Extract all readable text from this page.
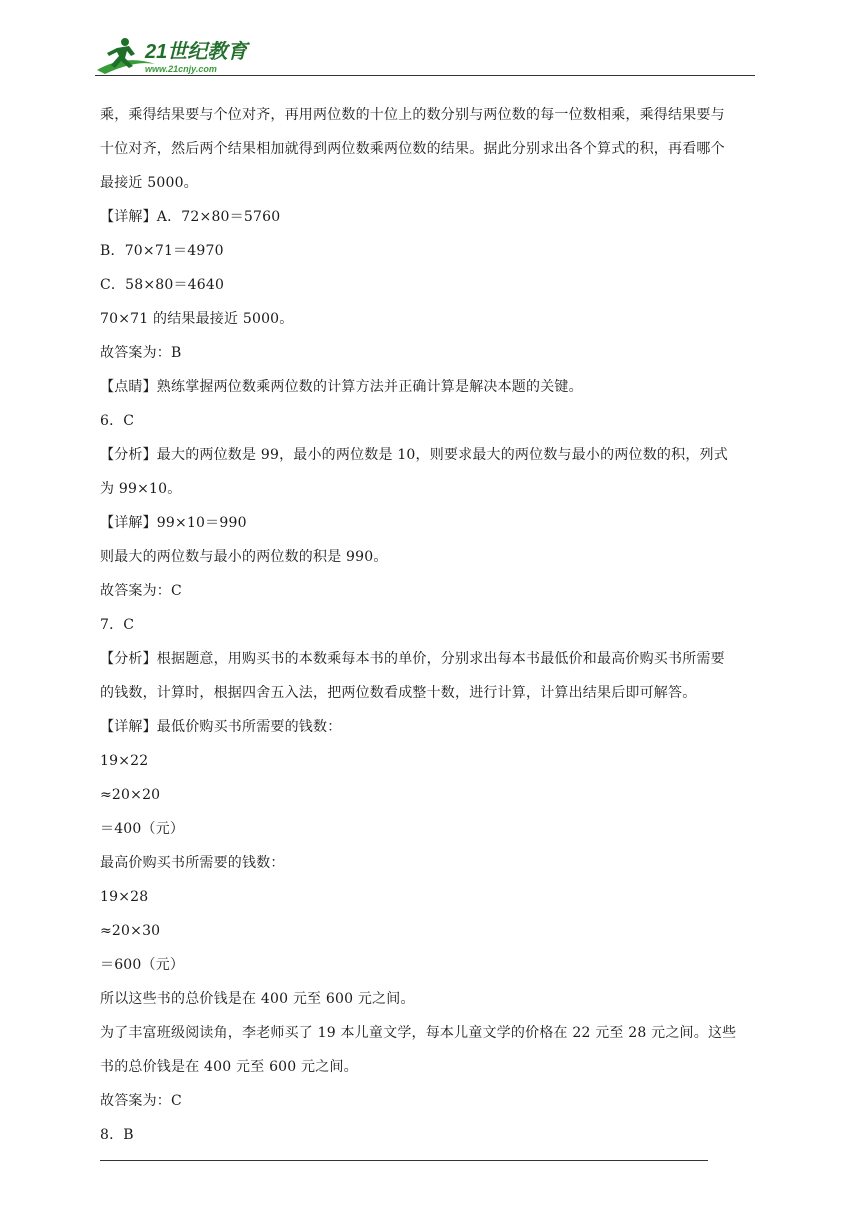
21世纪教育
www.21cnjy.com
乘，乘得结果要与个位对齐，再用两位数的十位上的数分别与两位数的每一位数相乘，乘得结果要与
十位对齐，然后两个结果相加就得到两位数乘两位数的结果。据此分别求出各个算式的积，再看哪个
最接近 5000。
【详解】A．72×80＝5760
B．70×71＝4970
C．58×80＝4640
70×71 的结果最接近 5000。
故答案为：B
【点睛】熟练掌握两位数乘两位数的计算方法并正确计算是解决本题的关键。
6．C
【分析】最大的两位数是 99，最小的两位数是 10，则要求最大的两位数与最小的两位数的积，列式
为 99×10。
【详解】99×10＝990
则最大的两位数与最小的两位数的积是 990。
故答案为：C
7．C
【分析】根据题意，用购买书的本数乘每本书的单价，分别求出每本书最低价和最高价购买书所需要
的钱数，计算时，根据四舍五入法，把两位数看成整十数，进行计算，计算出结果后即可解答。
【详解】最低价购买书所需要的钱数：
19×22
≈20×20
＝400（元）
最高价购买书所需要的钱数：
19×28
≈20×30
＝600（元）
所以这些书的总价钱是在 400 元至 600 元之间。
为了丰富班级阅读角，李老师买了 19 本儿童文学，每本儿童文学的价格在 22 元至 28 元之间。这些
书的总价钱是在 400 元至 600 元之间。
故答案为：C
8．B
